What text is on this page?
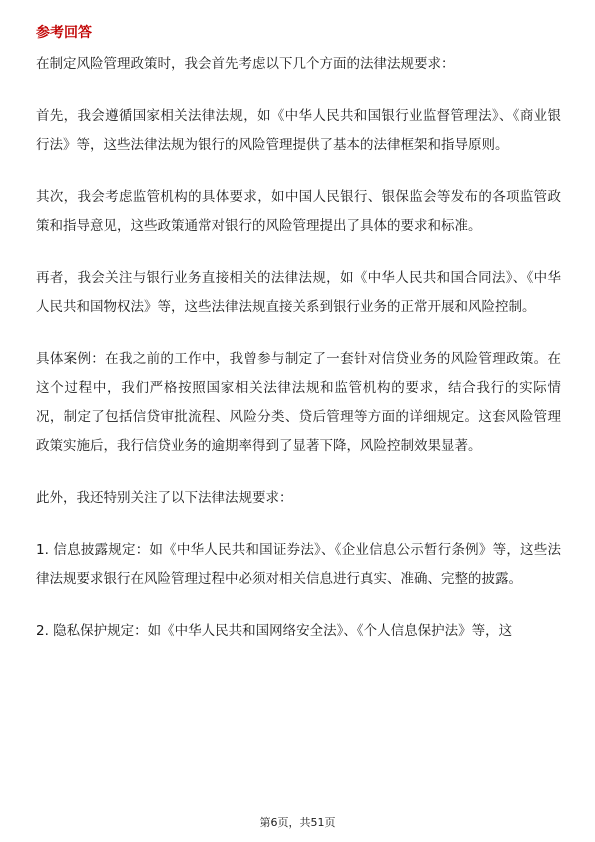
参考回答

在制定风险管理政策时，我会首先考虑以下几个方面的法律法规要求：

首先，我会遵循国家相关法律法规，如《中华人民共和国银行业监督管理法》、《商业银行法》等，这些法律法规为银行的风险管理提供了基本的法律框架和指导原则。

其次，我会考虑监管机构的具体要求，如中国人民银行、银保监会等发布的各项监管政策和指导意见，这些政策通常对银行的风险管理提出了具体的要求和标准。

再者，我会关注与银行业务直接相关的法律法规，如《中华人民共和国合同法》、《中华人民共和国物权法》等，这些法律法规直接关系到银行业务的正常开展和风险控制。

具体案例：在我之前的工作中，我曾参与制定了一套针对信贷业务的风险管理政策。在这个过程中，我们严格按照国家相关法律法规和监管机构的要求，结合我行的实际情况，制定了包括信贷审批流程、风险分类、贷后管理等方面的详细规定。这套风险管理政策实施后，我行信贷业务的逾期率得到了显著下降，风险控制效果显著。

此外，我还特别关注了以下法律法规要求：

1. 信息披露规定：如《中华人民共和国证券法》、《企业信息公示暂行条例》等，这些法律法规要求银行在风险管理过程中必须对相关信息进行真实、准确、完整的披露。

2. 隐私保护规定：如《中华人民共和国网络安全法》、《个人信息保护法》等，这

第6页，共51页
